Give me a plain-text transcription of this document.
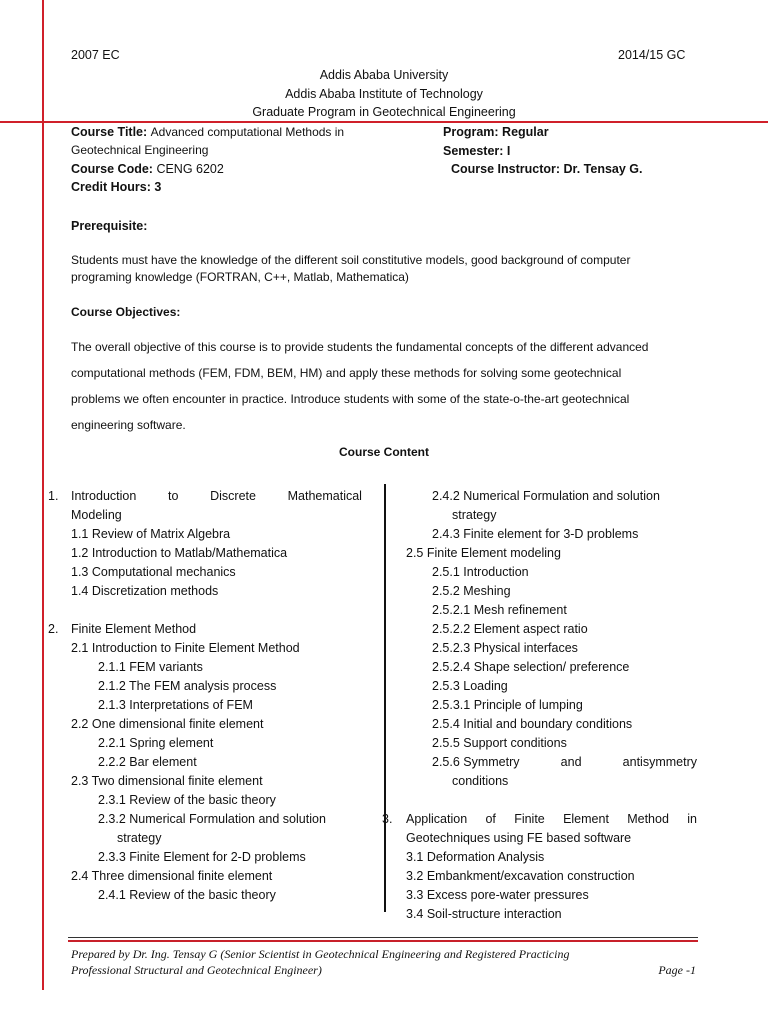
2007 EC	2014/15 GC
Addis Ababa University
Addis Ababa Institute of Technology
Graduate Program in Geotechnical Engineering
Course Title: Advanced computational Methods in
Geotechnical Engineering
Course Code: CENG 6202
Credit Hours: 3
Program: Regular
Semester: I
Course Instructor: Dr. Tensay G.
Prerequisite:
Students must have the knowledge of the different soil constitutive models, good background of computer
programing knowledge (FORTRAN, C++, Matlab, Mathematica)
Course Objectives:
The overall objective of this course is to provide students the fundamental concepts of the different advanced
computational methods (FEM, FDM, BEM, HM) and apply these methods for solving some geotechnical
problems we often encounter in practice. Introduce students with some of the state-o-the-art geotechnical
engineering software.
Course Content
1. Introduction	to	Discrete	Mathematical
Modeling
1.1 Review of Matrix Algebra
1.2 Introduction to Matlab/Mathematica
1.3 Computational mechanics
1.4 Discretization methods
2. Finite Element Method
2.1 Introduction to Finite Element Method
2.1.1 FEM variants
2.1.2 The FEM analysis process
2.1.3 Interpretations of FEM
2.2 One dimensional finite element
2.2.1 Spring element
2.2.2 Bar element
2.3 Two dimensional finite element
2.3.1 Review of the basic theory
2.3.2 Numerical Formulation and solution
strategy
2.3.3 Finite Element for 2-D problems
2.4 Three dimensional finite element
2.4.1 Review of the basic theory
2.4.2 Numerical Formulation and solution
strategy
2.4.3 Finite element for 3-D problems
2.5 Finite Element modeling
2.5.1 Introduction
2.5.2 Meshing
2.5.2.1 Mesh refinement
2.5.2.2 Element aspect ratio
2.5.2.3 Physical interfaces
2.5.2.4 Shape selection/ preference
2.5.3 Loading
2.5.3.1 Principle of lumping
2.5.4 Initial and boundary conditions
2.5.5 Support conditions
2.5.6 Symmetry	and	antisymmetry
conditions
3. Application of Finite Element Method in
Geotechniques using FE based software
3.1 Deformation Analysis
3.2 Embankment/excavation construction
3.3 Excess pore-water pressures
3.4 Soil-structure interaction
Prepared by Dr. Ing. Tensay G (Senior Scientist in Geotechnical Engineering and Registered Practicing
Professional Structural and Geotechnical Engineer)	Page -1
